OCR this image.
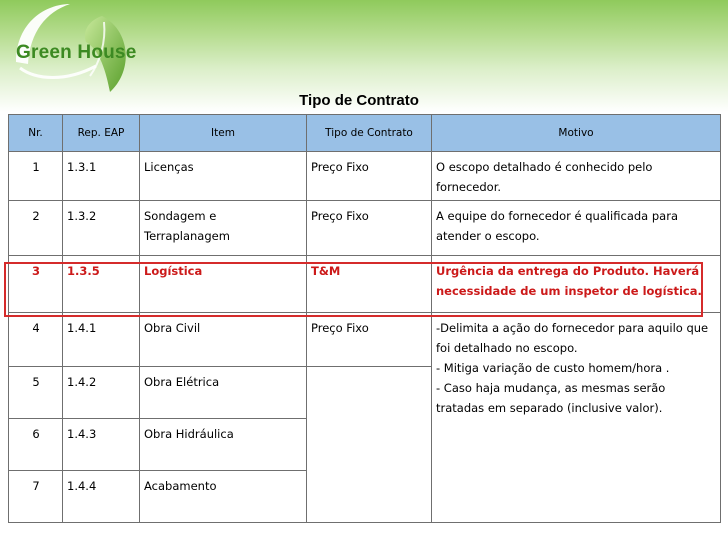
Green House
Tipo de Contrato
Nr.	Rep. EAP	Item	Tipo de Contrato	Motivo
1	1.3.1	Licenças	Preço Fixo	O escopo detalhado é conhecido pelo fornecedor.
2	1.3.2	Sondagem e Terraplanagem	Preço Fixo	A equipe do fornecedor é qualificada para atender o escopo.
3	1.3.5	Logística	T&M	Urgência da entrega do Produto. Haverá necessidade de um inspetor de logística.
4	1.4.1	Obra Civil	Preço Fixo	-Delimita a ação do fornecedor para aquilo que foi detalhado no escopo.
- Mitiga variação de custo homem/hora .
- Caso haja mudança, as mesmas serão tratadas em separado (inclusive valor).

5	1.4.2	Obra Elétrica		
6	1.4.3	Obra Hidráulica		
7	1.4.4	Acabamento		
